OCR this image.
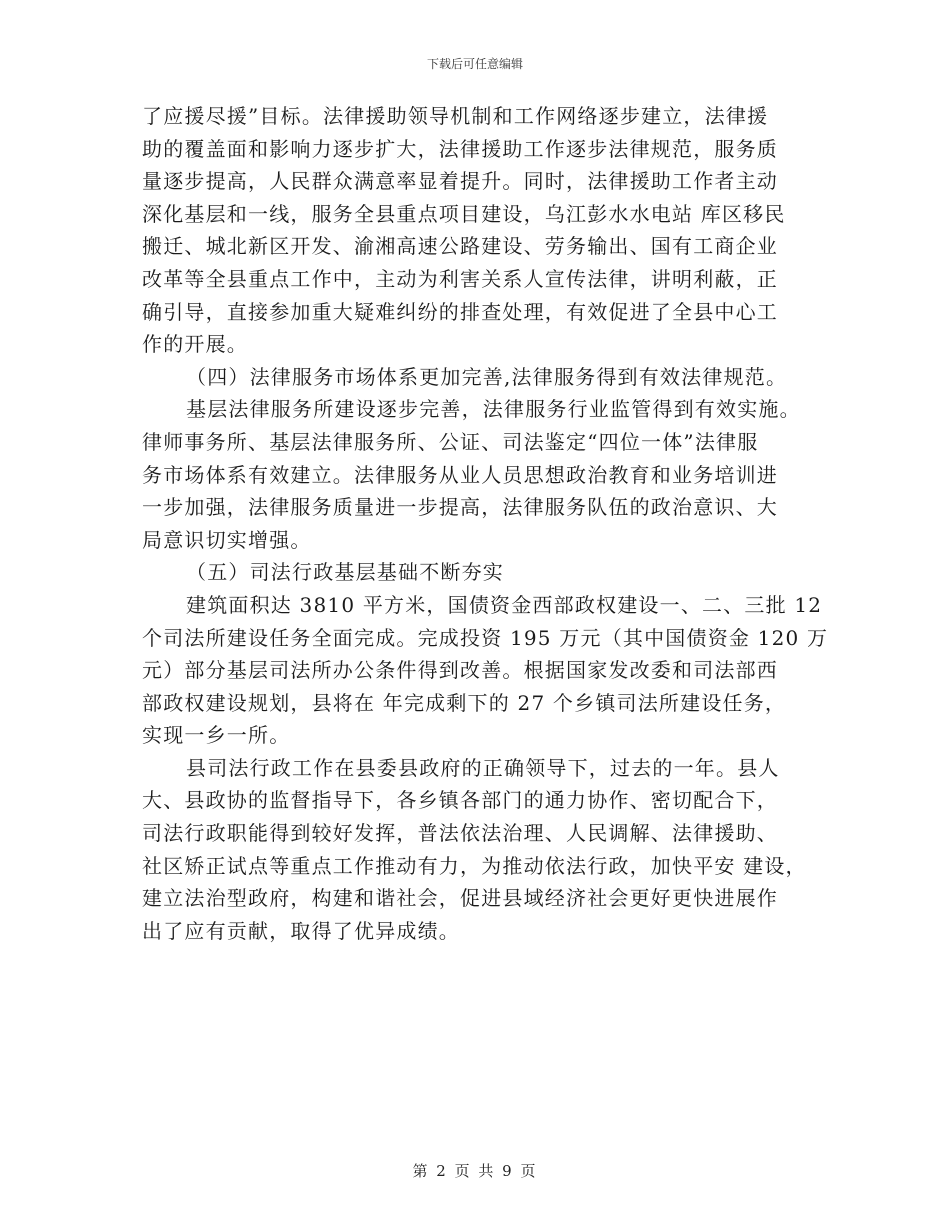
下载后可任意编辑
了应援尽援”目标。法律援助领导机制和工作网络逐步建立，法律援
助的覆盖面和影响力逐步扩大，法律援助工作逐步法律规范，服务质
量逐步提高，人民群众满意率显着提升。同时，法律援助工作者主动
深化基层和一线，服务全县重点项目建设，乌江彭水水电站 库区移民
搬迁、城北新区开发、渝湘高速公路建设、劳务输出、国有工商企业
改革等全县重点工作中，主动为利害关系人宣传法律，讲明利蔽，正
确引导，直接参加重大疑难纠纷的排查处理，有效促进了全县中心工
作的开展。
（四）法律服务市场体系更加完善,法律服务得到有效法律规范。
基层法律服务所建设逐步完善，法律服务行业监管得到有效实施。
律师事务所、基层法律服务所、公证、司法鉴定“四位一体”法律服
务市场体系有效建立。法律服务从业人员思想政治教育和业务培训进
一步加强，法律服务质量进一步提高，法律服务队伍的政治意识、大
局意识切实增强。
（五）司法行政基层基础不断夯实
建筑面积达 3810 平方米，国债资金西部政权建设一、二、三批 12
个司法所建设任务全面完成。完成投资 195 万元（其中国债资金 120 万
元）部分基层司法所办公条件得到改善。根据国家发改委和司法部西
部政权建设规划，县将在 年完成剩下的 27 个乡镇司法所建设任务，
实现一乡一所。
县司法行政工作在县委县政府的正确领导下，过去的一年。县人
大、县政协的监督指导下，各乡镇各部门的通力协作、密切配合下，
司法行政职能得到较好发挥，普法依法治理、人民调解、法律援助、
社区矫正试点等重点工作推动有力，为推动依法行政，加快平安 建设，
建立法治型政府，构建和谐社会，促进县域经济社会更好更快进展作
出了应有贡献，取得了优异成绩。
第 2 页 共 9 页
